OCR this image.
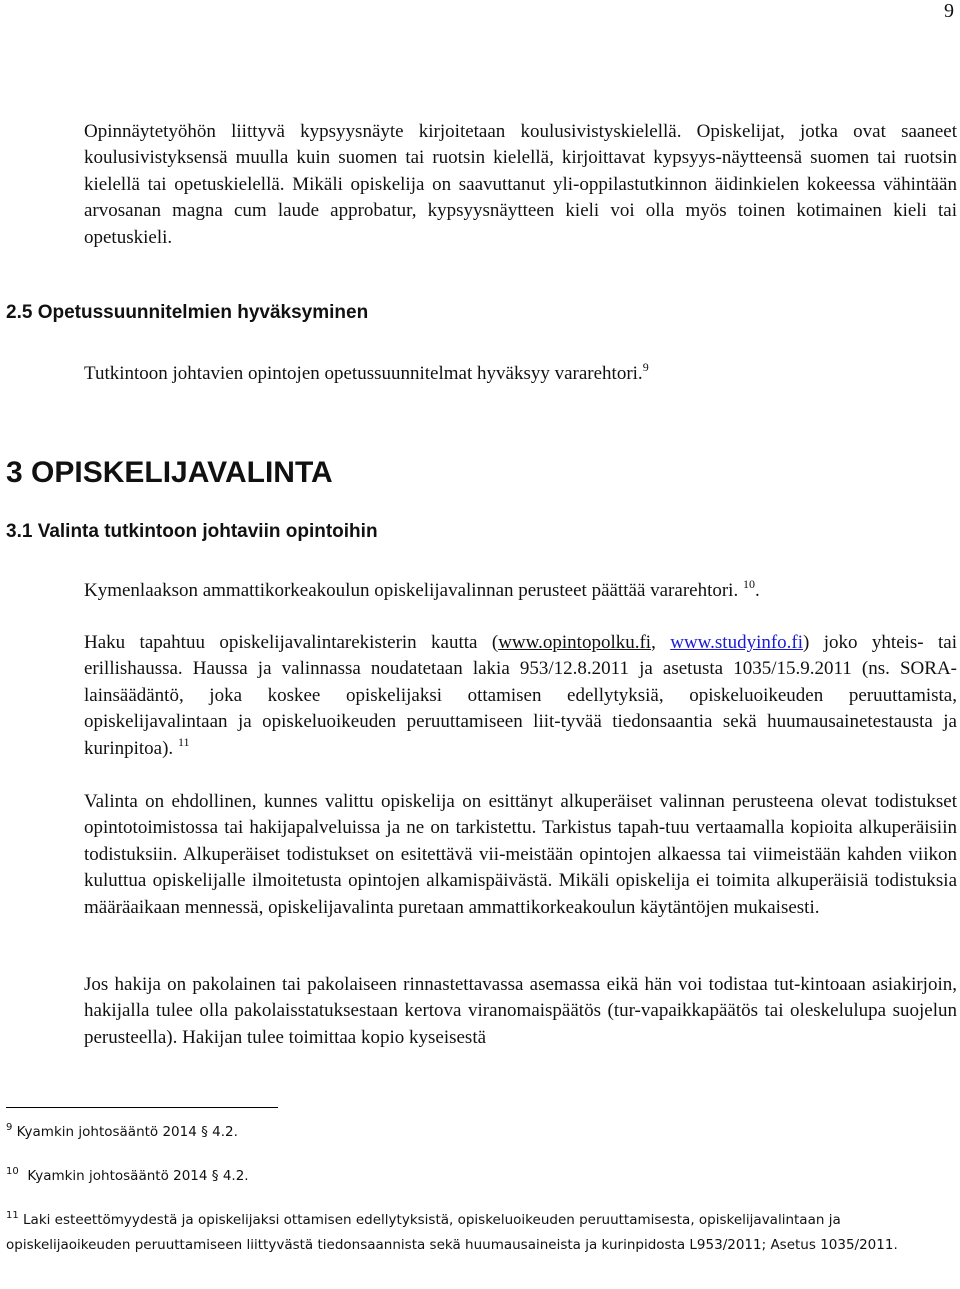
9

Opinnäytetyöhön liittyvä kypsyysnäyte kirjoitetaan koulusivistyskielellä. Opiskelijat, jotka ovat saaneet koulusivistyksensä muulla kuin suomen tai ruotsin kielellä, kirjoittavat kypsyys-näytteensä suomen tai ruotsin kielellä tai opetuskielellä. Mikäli opiskelija on saavuttanut yli-oppilastutkinnon äidinkielen kokeessa vähintään arvosanan magna cum laude approbatur, kypsyysnäytteen kieli voi olla myös toinen kotimainen kieli tai opetuskieli.

2.5 Opetussuunnitelmien hyväksyminen
Tutkintoon johtavien opintojen opetussuunnitelmat hyväksyy vararehtori.$^9$
3 OPISKELIJAVALINTA
3.1 Valinta tutkintoon johtaviin opintoihin
Kymenlaakson ammattikorkeakoulun opiskelijavalinnan perusteet päättää vararehtori. $^{10}$.
Haku tapahtuu opiskelijavalintarekisterin kautta (www.opintopolku.fi, www.studyinfo.fi) joko yhteis- tai erillishaussa. Haussa ja valinnassa noudatetaan lakia 953/12.8.2011 ja asetusta 1035/15.9.2011 (ns. SORA-lainsäädäntö, joka koskee opiskelijaksi ottamisen edellytyksiä, opiskeluoikeuden peruuttamista, opiskelijavalintaan ja opiskeluoikeuden peruuttamiseen liit-tyvää tiedonsaantia sekä huumausainetestausta ja kurinpitoa). $^{11}$
Valinta on ehdollinen, kunnes valittu opiskelija on esittänyt alkuperäiset valinnan perusteena olevat todistukset opintotoimistossa tai hakijapalveluissa ja ne on tarkistettu. Tarkistus tapah-tuu vertaamalla kopioita alkuperäisiin todistuksiin. Alkuperäiset todistukset on esitettävä vii-meistään opintojen alkaessa tai viimeistään kahden viikon kuluttua opiskelijalle ilmoitetusta opintojen alkamispäivästä. Mikäli opiskelija ei toimita alkuperäisiä todistuksia määräaikaan mennessä, opiskelijavalinta puretaan ammattikorkeakoulun käytäntöjen mukaisesti.
Jos hakija on pakolainen tai pakolaiseen rinnastettavassa asemassa eikä hän voi todistaa tut-kintoaan asiakirjoin, hakijalla tulee olla pakolaisstatuksestaan kertova viranomaispäätös (tur-vapaikkapäätös tai oleskelulupa suojelun perusteella). Hakijan tulee toimittaa kopio kyseisestä
$^9$ Kyamkin johtosääntö 2014 § 4.2.
$^{10}$ Kyamkin johtosääntö 2014 § 4.2.
$^{11}$ Laki esteettömyydestä ja opiskelijaksi ottamisen edellytyksistä, opiskeluoikeuden peruuttamisesta, opiskelijavalintaan ja opiskelijaoikeuden peruuttamiseen liittyvästä tiedonsaannista sekä huumausaineista ja kurinpidosta L953/2011; Asetus 1035/2011.
